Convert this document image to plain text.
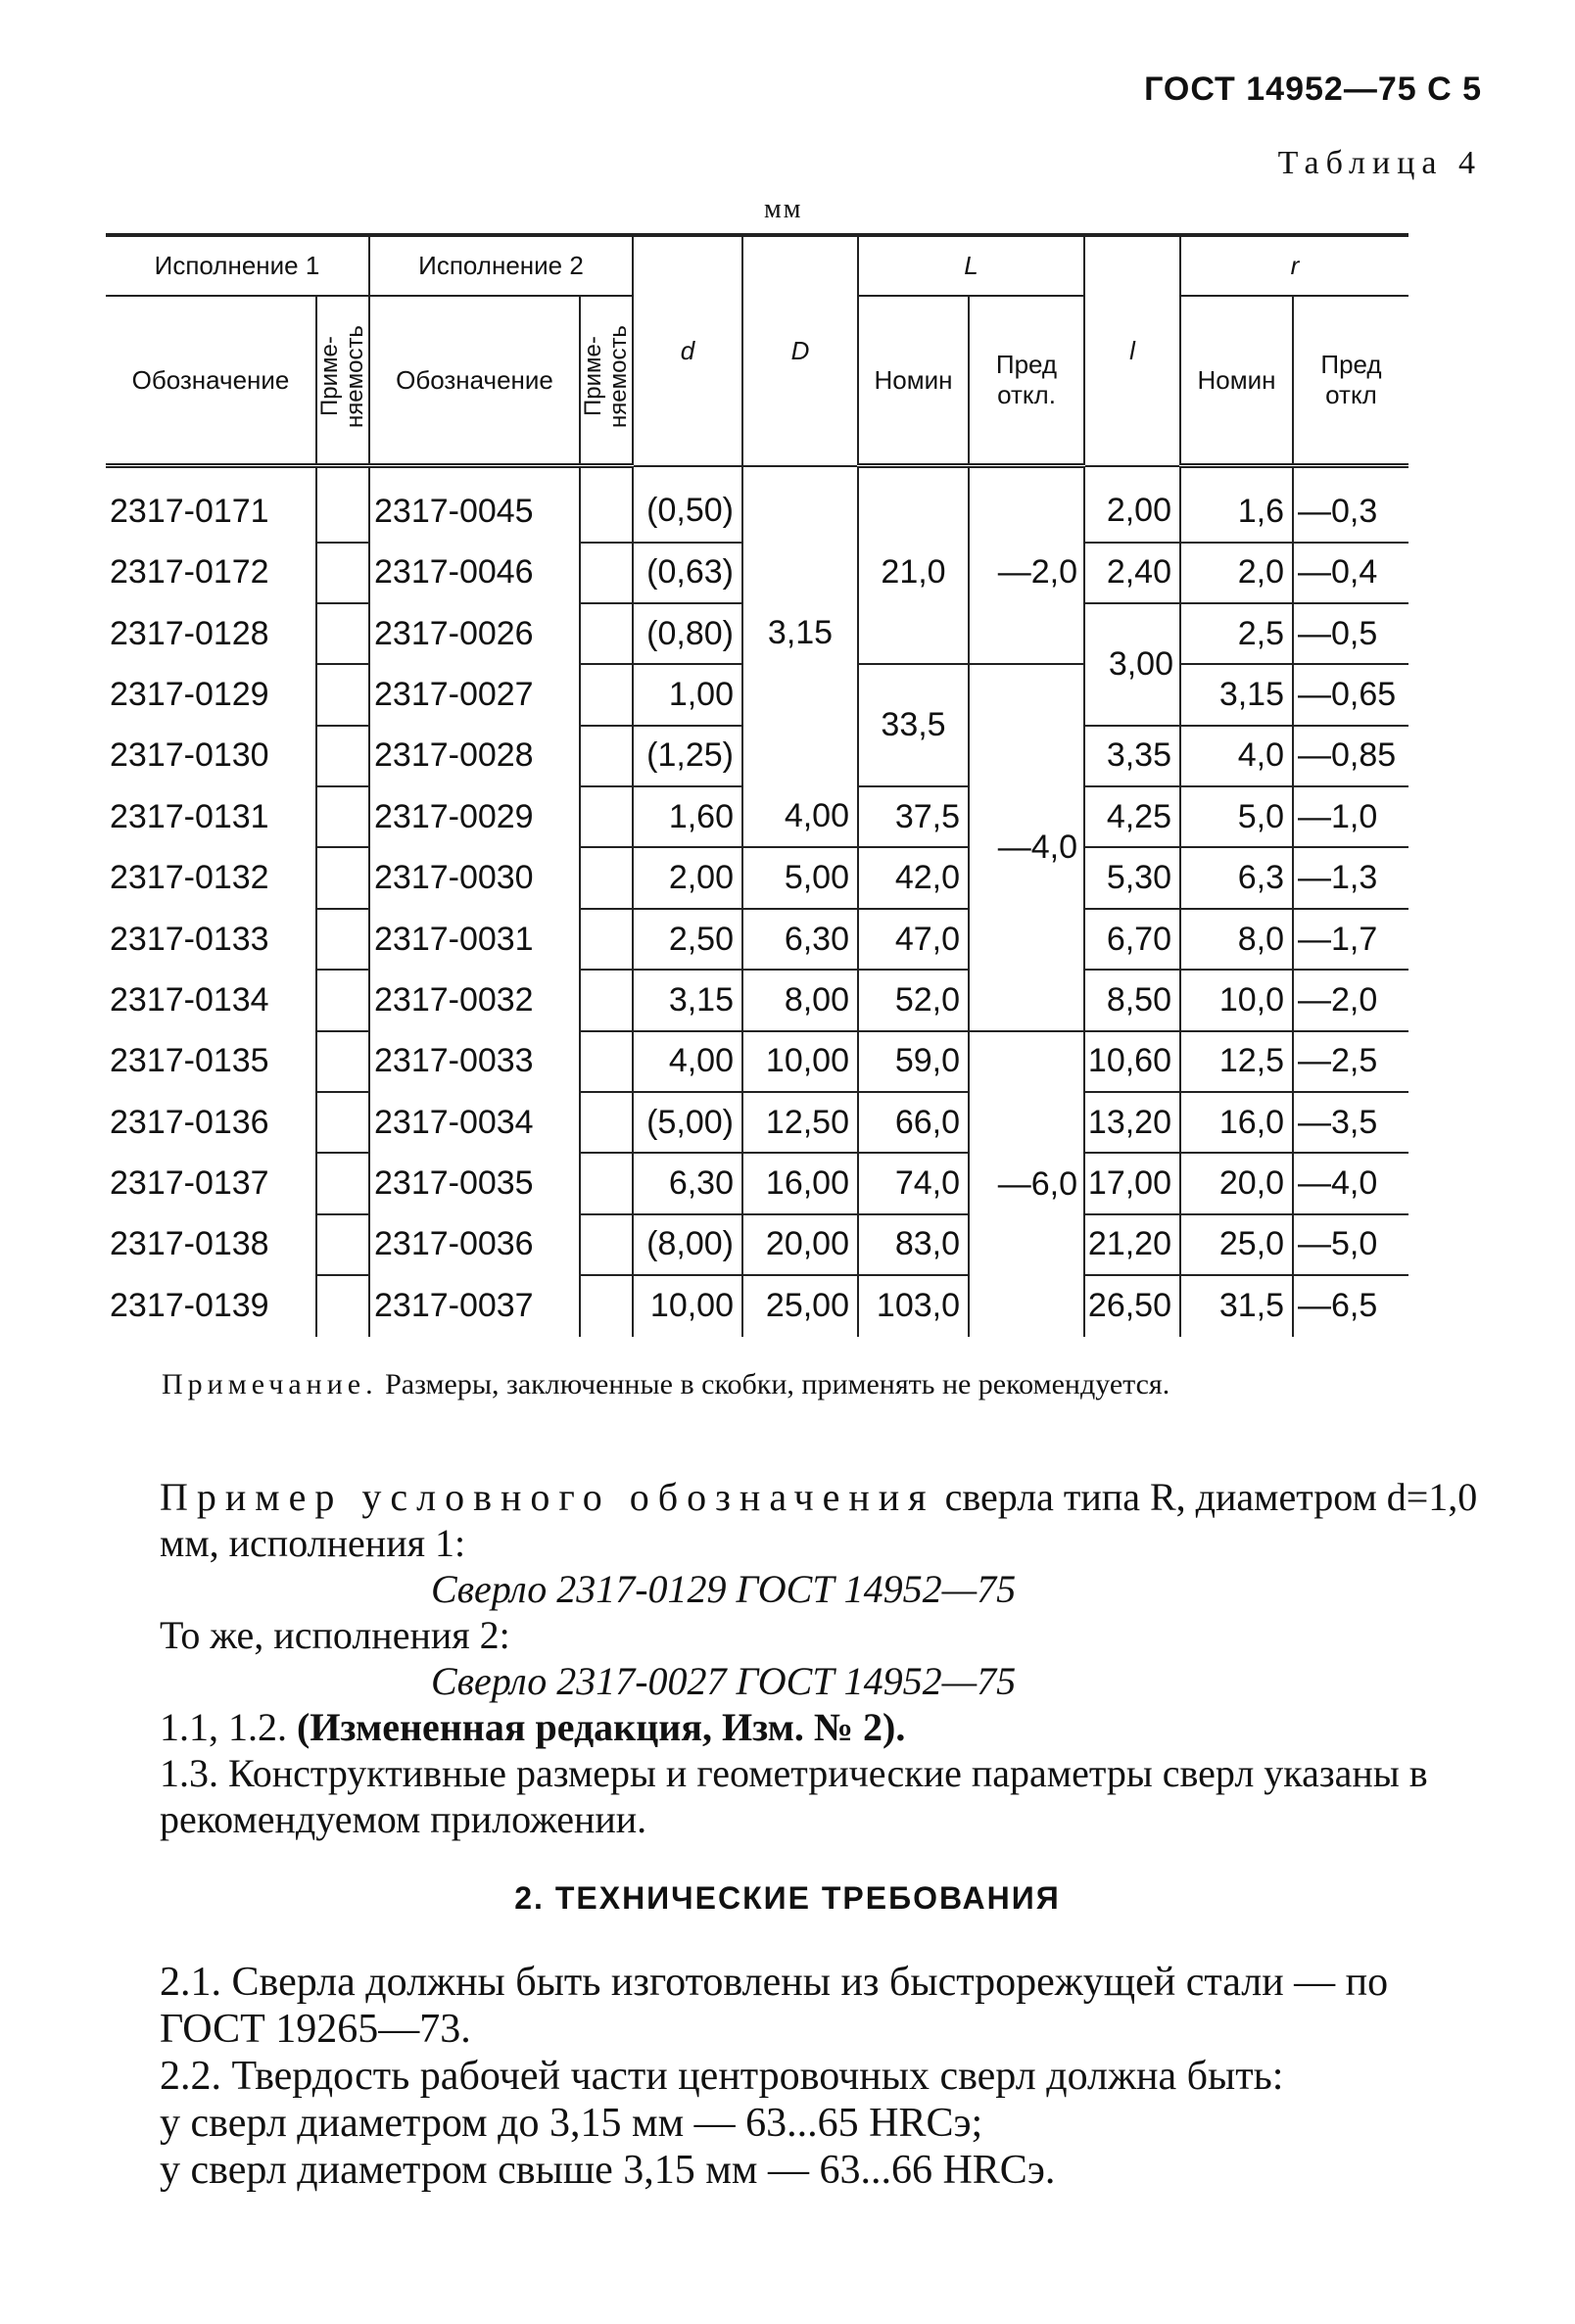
ГОСТ 14952—75 С 5
Таблица 4
мм
Исполнение 1		Исполнение 2		d	D	L		l	r	
Обозначение	Применяемость	Обозначение	Применяемость			Номин	Пред откл.		Номин	Пред откл
2317-0171		2317-0045		(0,50)	3,15	21,0	—2,0	2,00	1,6	—0,3
2317-0172		2317-0046		(0,63)				2,40	2,0	—0,4
2317-0128		2317-0026		(0,80)				3,00	2,5	—0,5
2317-0129		2317-0027		1,00		33,5	—4,0		3,15	—0,65
2317-0130		2317-0028		(1,25)				3,35	4,0	—0,85
2317-0131		2317-0029		1,60	4,00	37,5		4,25	5,0	—1,0
2317-0132		2317-0030		2,00	5,00	42,0		5,30	6,3	—1,3
2317-0133		2317-0031		2,50	6,30	47,0		6,70	8,0	—1,7
2317-0134		2317-0032		3,15	8,00	52,0		8,50	10,0	—2,0
2317-0135		2317-0033		4,00	10,00	59,0	—6,0	10,60	12,5	—2,5
2317-0136		2317-0034		(5,00)	12,50	66,0		13,20	16,0	—3,5
2317-0137		2317-0035		6,30	16,00	74,0		17,00	20,0	—4,0
2317-0138		2317-0036		(8,00)	20,00	83,0		21,20	25,0	—5,0
2317-0139		2317-0037		10,00	25,00	103,0		26,50	31,5	—6,5
Примечание. Размеры, заключенные в скобки, применять не рекомендуется.

Пример условного обозначения сверла типа R, диаметром d=1,0 мм, исполнения 1:

Сверло 2317-0129 ГОСТ 14952—75

То же, исполнения 2:

Сверло 2317-0027 ГОСТ 14952—75

1.1, 1.2. (Измененная редакция, Изм. № 2).

1.3. Конструктивные размеры и геометрические параметры сверл указаны в рекомендуемом приложении.

2. ТЕХНИЧЕСКИЕ ТРЕБОВАНИЯ

2.1. Сверла должны быть изготовлены из быстрорежущей стали — по ГОСТ 19265—73.

2.2. Твердость рабочей части центровочных сверл должна быть:

у сверл диаметром до 3,15 мм — 63...65 HRCэ;

у сверл диаметром свыше 3,15 мм — 63...66 HRCэ.
